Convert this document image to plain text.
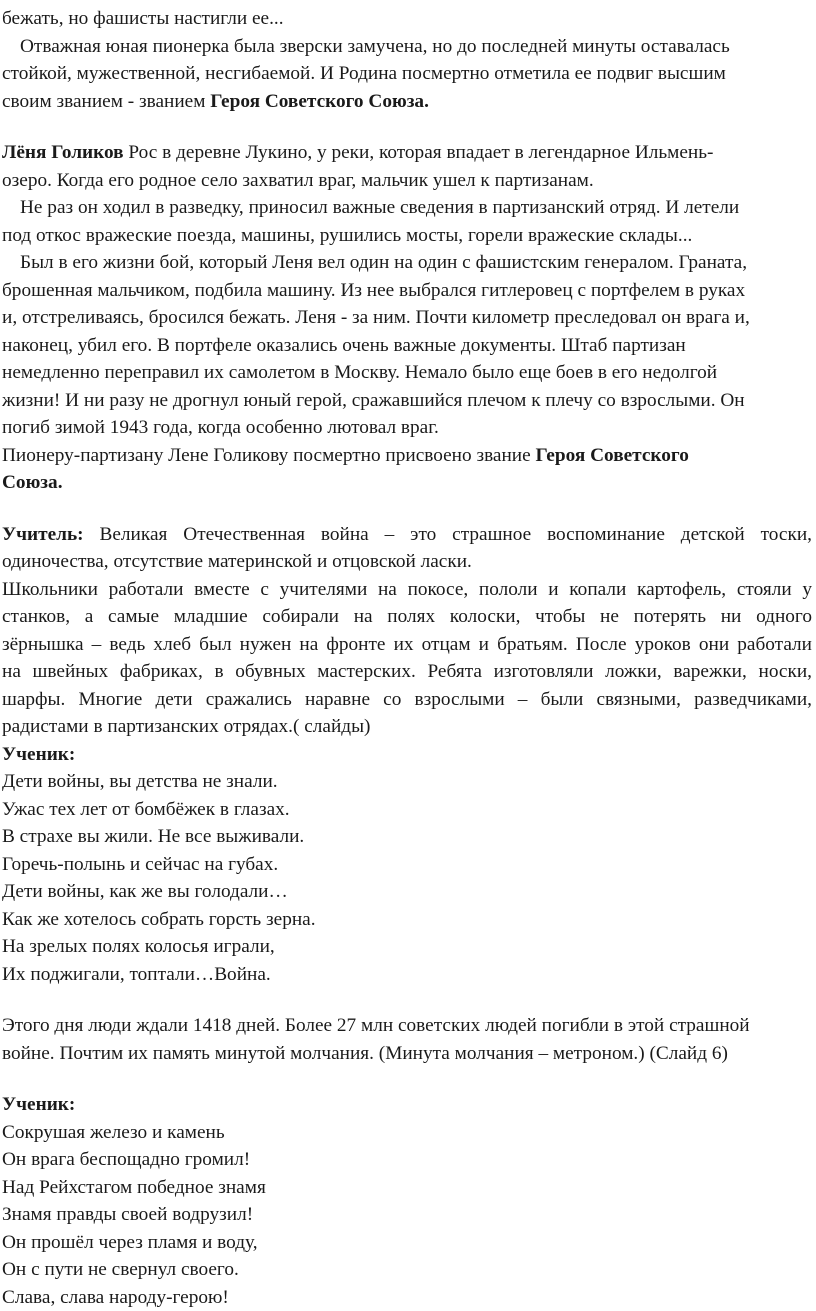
бежать, но фашисты настигли ее...
Отважная юная пионерка была зверски замучена, но до последней минуты оставалась
стойкой, мужественной, несгибаемой. И Родина посмертно отметила ее подвиг высшим
своим званием - званием Героя Советского Союза.
Лёня Голиков Рос в деревне Лукино, у реки, которая впадает в легендарное Ильмень-
озеро. Когда его родное село захватил враг, мальчик ушел к партизанам.
Не раз он ходил в разведку, приносил важные сведения в партизанский отряд. И летели
под откос вражеские поезда, машины, рушились мосты, горели вражеские склады...
Был в его жизни бой, который Леня вел один на один с фашистским генералом. Граната,
брошенная мальчиком, подбила машину. Из нее выбрался гитлеровец с портфелем в руках
и, отстреливаясь, бросился бежать. Леня - за ним. Почти километр преследовал он врага и,
наконец, убил его. В портфеле оказались очень важные документы. Штаб партизан
немедленно переправил их самолетом в Москву. Немало было еще боев в его недолгой
жизни! И ни разу не дрогнул юный герой, сражавшийся плечом к плечу со взрослыми. Он
погиб зимой 1943 года, когда особенно лютовал враг.
Пионеру-партизану Лене Голикову посмертно присвоено звание Героя Советского
Союза.
Учитель: Великая Отечественная война – это страшное воспоминание детской тоски,
одиночества, отсутствие материнской и отцовской ласки.
Школьники работали вместе с учителями на покосе, пололи и копали картофель, стояли у
станков, а самые младшие собирали на полях колоски, чтобы не потерять ни одного
зёрнышка – ведь хлеб был нужен на фронте их отцам и братьям. После уроков они работали
на швейных фабриках, в обувных мастерских. Ребята изготовляли ложки, варежки, носки,
шарфы. Многие дети сражались наравне со взрослыми – были связными, разведчиками,
радистами в партизанских отрядах.( слайды)
Ученик:
Дети войны, вы детства не знали.
Ужас тех лет от бомбёжек в глазах.
В страхе вы жили. Не все выживали.
Горечь-полынь и сейчас на губах.
Дети войны, как же вы голодали…
Как же хотелось собрать горсть зерна.
На зрелых полях колосья играли,
Их поджигали, топтали…Война.
Этого дня люди ждали 1418 дней. Более 27 млн советских людей погибли в этой страшной
войне. Почтим их память минутой молчания. (Минута молчания – метроном.) (Слайд 6)
Ученик:
Сокрушая железо и камень
Он врага беспощадно громил!
Над Рейхстагом победное знамя
Знамя правды своей водрузил!
Он прошёл через пламя и воду,
Он с пути не свернул своего.
Слава, слава народу-герою!
